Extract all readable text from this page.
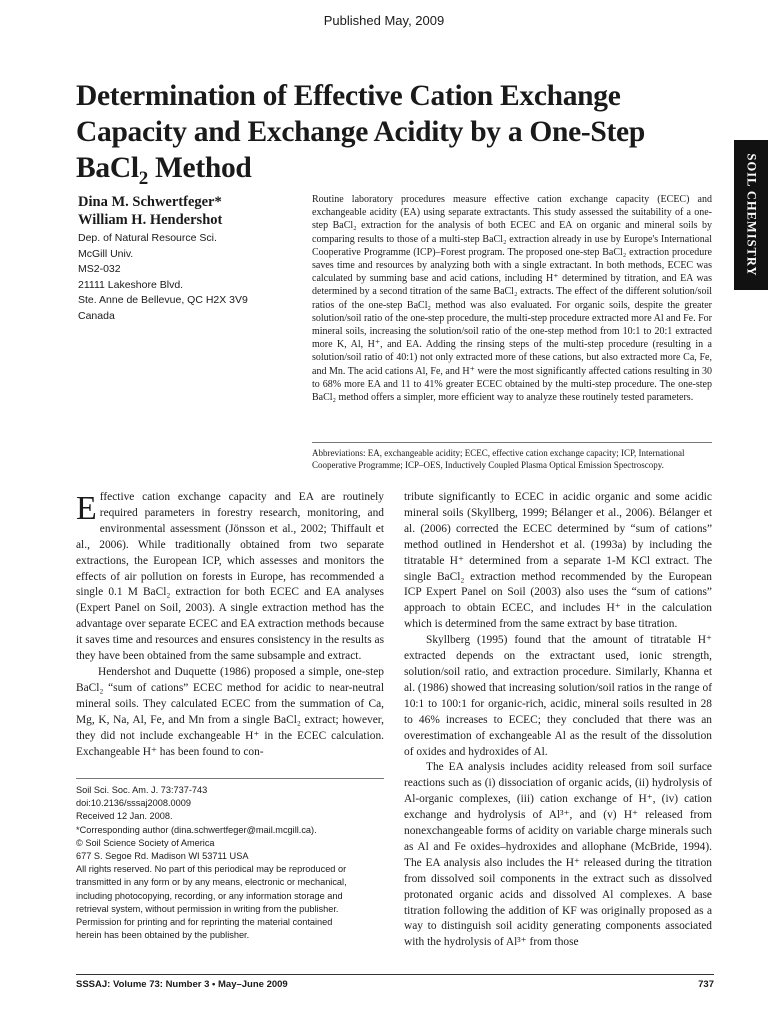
Published May, 2009
Determination of Effective Cation Exchange Capacity and Exchange Acidity by a One-Step BaCl$_2$ Method	SOIL CHEMISTRY
Dina M. Schwertfeger*
William H. Hendershot
Dep. of Natural Resource Sci.
McGill Univ.
MS2-032
21111 Lakeshore Blvd.
Ste. Anne de Bellevue, QC H2X 3V9
Canada

Routine laboratory procedures measure effective cation exchange capacity (ECEC) and exchangeable acidity (EA) using separate extractants. This study assessed the suitability of a one-step BaCl₂ extraction for the analysis of both ECEC and EA on organic and mineral soils by comparing results to those of a multi-step BaCl₂ extraction already in use by Europe's International Cooperative Programme (ICP)–Forest program. The proposed one-step BaCl₂ extraction procedure saves time and resources by analyzing both with a single extractant. In both methods, ECEC was calculated by summing base and acid cations, including H⁺ determined by titration, and EA was determined by a second titration of the same BaCl₂ extracts. The effect of the different solution/soil ratios of the one-step BaCl₂ method was also evaluated. For organic soils, despite the greater solution/soil ratio of the one-step procedure, the multi-step procedure extracted more Al and Fe. For mineral soils, increasing the solution/soil ratio of the one-step method from 10:1 to 20:1 extracted more K, Al, H⁺, and EA. Adding the rinsing steps of the multi-step procedure (resulting in a solution/soil ratio of 40:1) not only extracted more of these cations, but also extracted more Ca, Fe, and Mn. The acid cations Al, Fe, and H⁺ were the most significantly affected cations resulting in 30 to 68% more EA and 11 to 41% greater ECEC obtained by the multi-step procedure. The one-step BaCl₂ method offers a simpler, more efficient way to analyze these routinely tested parameters.

Abbreviations: EA, exchangeable acidity; ECEC, effective cation exchange capacity; ICP, International Cooperative Programme; ICP–OES, Inductively Coupled Plasma Optical Emission Spectroscopy.

Effective cation exchange capacity and EA are routinely required parameters in forestry research, monitoring, and environmental assessment (Jönsson et al., 2002; Thiffault et al., 2006). While traditionally obtained from two separate extractions, the European ICP, which assesses and monitors the effects of air pollution on forests in Europe, has recommended a single 0.1 M BaCl₂ extraction for both ECEC and EA analyses (Expert Panel on Soil, 2003). A single extraction method has the advantage over separate ECEC and EA extraction methods because it saves time and resources and ensures consistency in the results as they have been obtained from the same subsample and extract.

Hendershot and Duquette (1986) proposed a simple, one-step BaCl₂ “sum of cations” ECEC method for acidic to near-neutral mineral soils. They calculated ECEC from the summation of Ca, Mg, K, Na, Al, Fe, and Mn from a single BaCl₂ extract; however, they did not include exchangeable H⁺ in the ECEC calculation. Exchangeable H⁺ has been found to con-

tribute significantly to ECEC in acidic organic and some acidic mineral soils (Skyllberg, 1999; Bélanger et al., 2006). Bélanger et al. (2006) corrected the ECEC determined by “sum of cations” method outlined in Hendershot et al. (1993a) by including the titratable H⁺ determined from a separate 1-M KCl extract. The single BaCl₂ extraction method recommended by the European ICP Expert Panel on Soil (2003) also uses the “sum of cations” approach to obtain ECEC, and includes H⁺ in the calculation which is determined from the same extract by base titration.

Skyllberg (1995) found that the amount of titratable H⁺ extracted depends on the extractant used, ionic strength, solution/soil ratio, and extraction procedure. Similarly, Khanna et al. (1986) showed that increasing solution/soil ratios in the range of 10:1 to 100:1 for organic-rich, acidic, mineral soils resulted in 28 to 46% increases to ECEC; they concluded that there was an overestimation of exchangeable Al as the result of the dissolution of oxides and hydroxides of Al.

The EA analysis includes acidity released from soil surface reactions such as (i) dissociation of organic acids, (ii) hydrolysis of Al-organic complexes, (iii) cation exchange of H⁺, (iv) cation exchange and hydrolysis of Al³⁺, and (v) H⁺ released from nonexchangeable forms of acidity on variable charge minerals such as Al and Fe oxides–hydroxides and allophane (McBride, 1994). The EA analysis also includes the H⁺ released during the titration from dissolved soil components in the extract such as dissolved protonated organic acids and dissolved Al complexes. A base titration following the addition of KF was originally proposed as a way to distinguish soil acidity generating components associated with the hydrolysis of Al³⁺ from those

Soil Sci. Soc. Am. J. 73:737-743
doi:10.2136/sssaj2008.0009
Received 12 Jan. 2008.
*Corresponding author (dina.schwertfeger@mail.mcgill.ca).
© Soil Science Society of America
677 S. Segoe Rd. Madison WI 53711 USA
All rights reserved. No part of this periodical may be reproduced or
transmitted in any form or by any means, electronic or mechanical,
including photocopying, recording, or any information storage and
retrieval system, without permission in writing from the publisher.
Permission for printing and for reprinting the material contained
herein has been obtained by the publisher.
SSSAJ: Volume 73: Number 3 • May–June 2009	737
